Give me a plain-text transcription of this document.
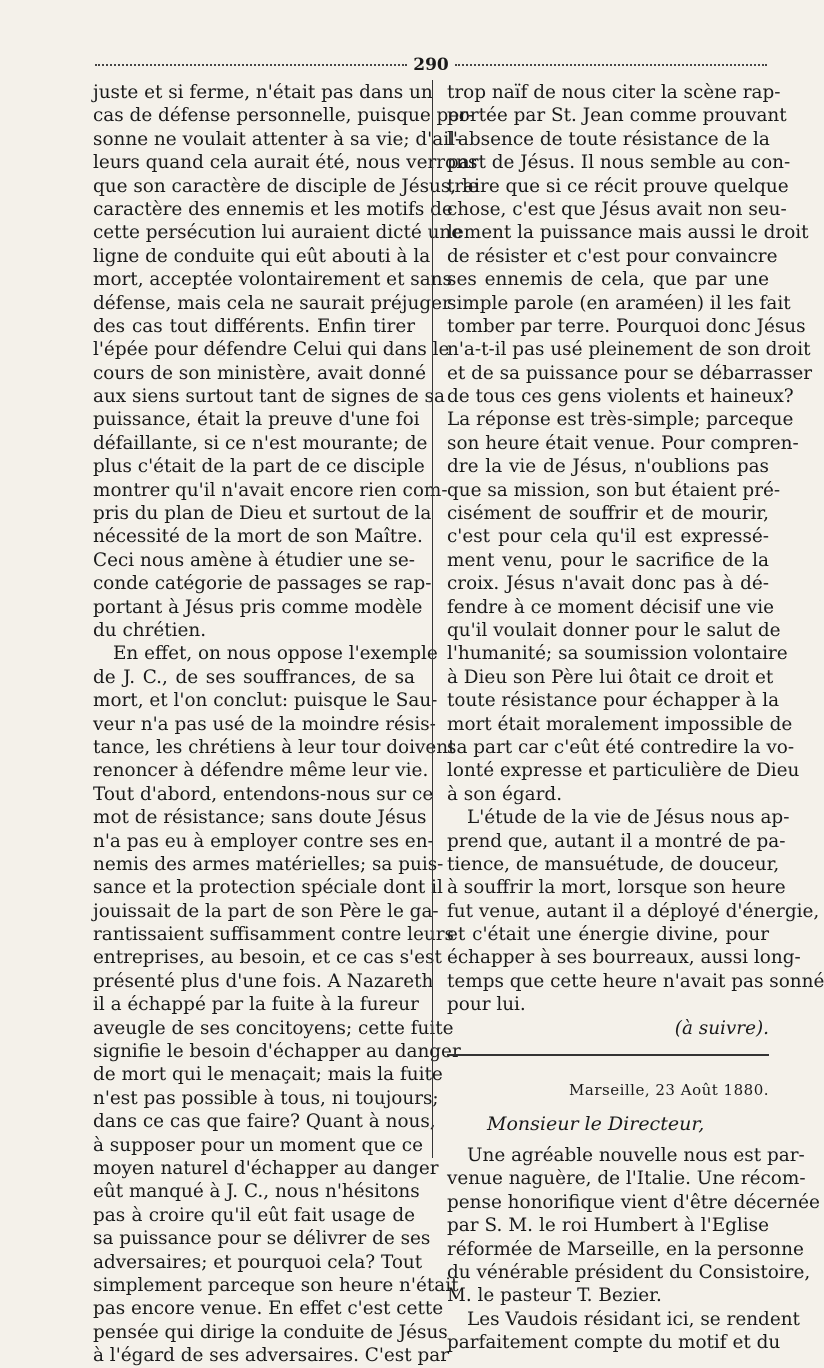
290
juste et si ferme, n'était pas dans un
cas de défense personnelle, puisque per-
sonne ne voulait attenter à sa vie; d'ail-
leurs quand cela aurait été, nous verrons
que son caractère de disciple de Jésus, le
caractère des ennemis et les motifs de
cette persécution lui auraient dicté une
ligne de conduite qui eût abouti à la
mort, acceptée volontairement et sans
défense, mais cela ne saurait préjuger
des cas tout différents. Enfin tirer
l'épée pour défendre Celui qui dans le
cours de son ministère, avait donné
aux siens surtout tant de signes de sa
puissance, était la preuve d'une foi
défaillante, si ce n'est mourante; de
plus c'était de la part de ce disciple
montrer qu'il n'avait encore rien com-
pris du plan de Dieu et surtout de la
nécessité de la mort de son Maître.
Ceci nous amène à étudier une se-
conde catégorie de passages se rap-
portant à Jésus pris comme modèle
du chrétien.
En effet, on nous oppose l'exemple
de J. C., de ses souffrances, de sa
mort, et l'on conclut: puisque le Sau-
veur n'a pas usé de la moindre résis-
tance, les chrétiens à leur tour doivent
renoncer à défendre même leur vie.
Tout d'abord, entendons-nous sur ce
mot de résistance; sans doute Jésus
n'a pas eu à employer contre ses en-
nemis des armes matérielles; sa puis-
sance et la protection spéciale dont il
jouissait de la part de son Père le ga-
rantissaient suffisamment contre leurs
entreprises, au besoin, et ce cas s'est
présenté plus d'une fois. A Nazareth
il a échappé par la fuite à la fureur
aveugle de ses concitoyens; cette fuite
signifie le besoin d'échapper au danger
de mort qui le menaçait; mais la fuite
n'est pas possible à tous, ni toujours;
dans ce cas que faire? Quant à nous,
à supposer pour un moment que ce
moyen naturel d'échapper au danger
eût manqué à J. C., nous n'hésitons
pas à croire qu'il eût fait usage de
sa puissance pour se délivrer de ses
adversaires; et pourquoi cela? Tout
simplement parceque son heure n'était
pas encore venue. En effet c'est cette
pensée qui dirige la conduite de Jésus
à l'égard de ses adversaires. C'est par
trop naïf de nous citer la scène rap-
portée par St. Jean comme prouvant
l'absence de toute résistance de la
part de Jésus. Il nous semble au con-
traire que si ce récit prouve quelque
chose, c'est que Jésus avait non seu-
lement la puissance mais aussi le droit
de résister et c'est pour convaincre
ses ennemis de cela, que par une
simple parole (en araméen) il les fait
tomber par terre. Pourquoi donc Jésus
n'a-t-il pas usé pleinement de son droit
et de sa puissance pour se débarrasser
de tous ces gens violents et haineux?
La réponse est très-simple; parceque
son heure était venue. Pour compren-
dre la vie de Jésus, n'oublions pas
que sa mission, son but étaient pré-
cisément de souffrir et de mourir,
c'est pour cela qu'il est expressé-
ment venu, pour le sacrifice de la
croix. Jésus n'avait donc pas à dé-
fendre à ce moment décisif une vie
qu'il voulait donner pour le salut de
l'humanité; sa soumission volontaire
à Dieu son Père lui ôtait ce droit et
toute résistance pour échapper à la
mort était moralement impossible de
sa part car c'eût été contredire la vo-
lonté expresse et particulière de Dieu
à son égard.
L'étude de la vie de Jésus nous ap-
prend que, autant il a montré de pa-
tience, de mansuétude, de douceur,
à souffrir la mort, lorsque son heure
fut venue, autant il a déployé d'énergie,
et c'était une énergie divine, pour
échapper à ses bourreaux, aussi long-
temps que cette heure n'avait pas sonné
pour lui.
(à suivre).
Marseille, 23 Août 1880.
Monsieur le Directeur,
Une agréable nouvelle nous est par-
venue naguère, de l'Italie. Une récom-
pense honorifique vient d'être décernée
par S. M. le roi Humbert à l'Eglise
réformée de Marseille, en la personne
du vénérable président du Consistoire,
M. le pasteur T. Bezier.
Les Vaudois résidant ici, se rendent
parfaitement compte du motif et du
